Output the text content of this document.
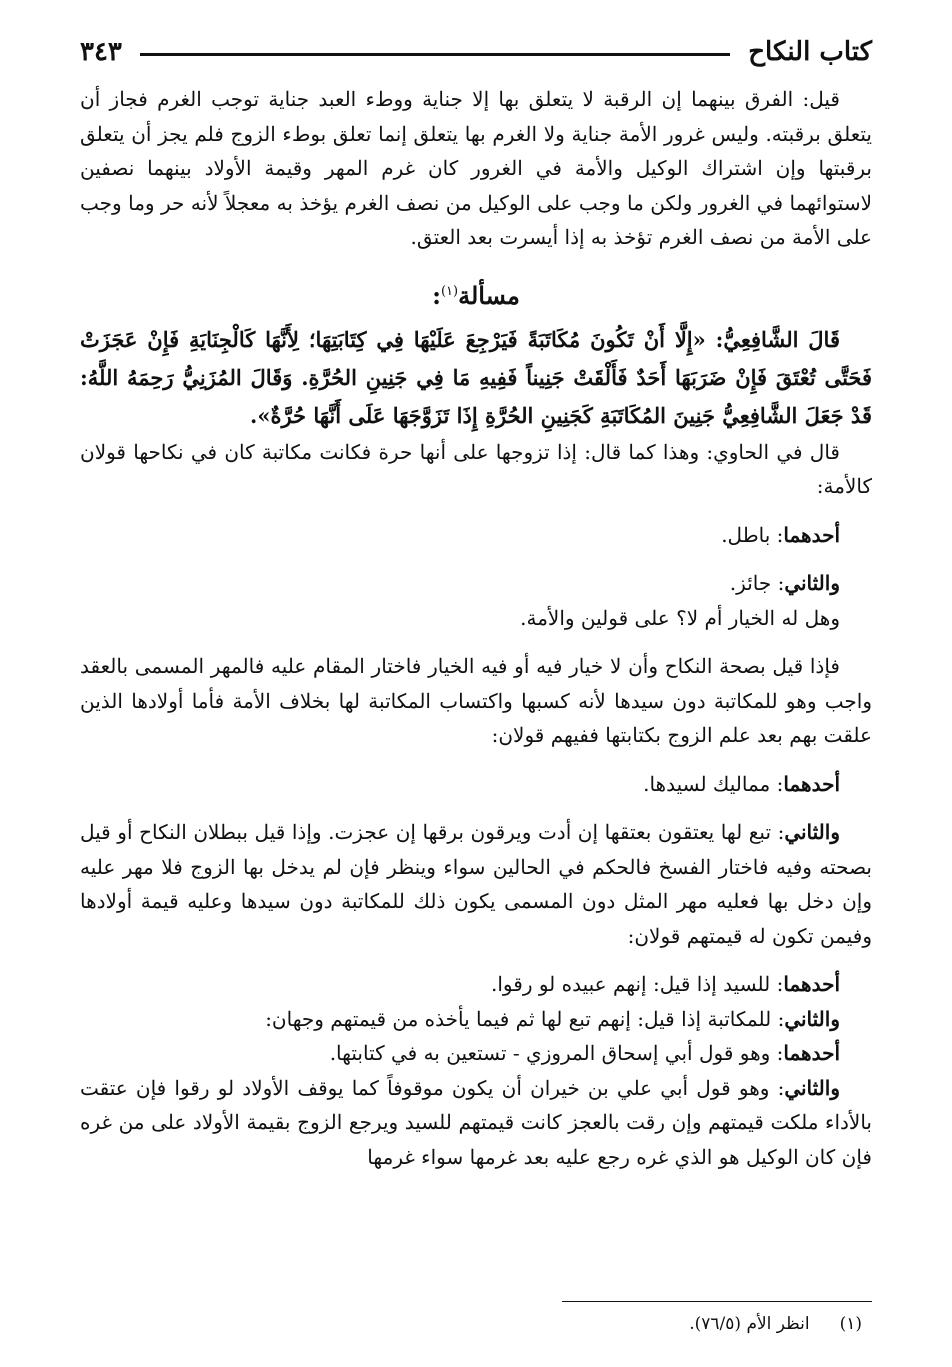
كتاب النكاح
٣٤٣

قيل: الفرق بينهما إن الرقبة لا يتعلق بها إلا جناية ووطء العبد جناية توجب الغرم فجاز أن يتعلق برقبته. وليس غرور الأمة جناية ولا الغرم بها يتعلق إنما تعلق بوطء الزوج فلم يجز أن يتعلق برقبتها وإن اشتراك الوكيل والأمة في الغرور كان غرم المهر وقيمة الأولاد بينهما نصفين لاستوائهما في الغرور ولكن ما وجب على الوكيل من نصف الغرم يؤخذ به معجلاً لأنه حر وما وجب على الأمة من نصف الغرم تؤخذ به إذا أيسرت بعد العتق.

مسألة$^{(١)}$:

قَالَ الشَّافِعِيُّ: «إِلَّا أَنْ تَكُونَ مُكَاتَبَةً فَيَرْجِعَ عَلَيْهَا فِي كِتَابَتِهَا؛ لِأَنَّهَا كَالْجِنَايَةِ فَإِنْ عَجَزَتْ فَحَتَّى تُعْتَقَ فَإِنْ ضَرَبَهَا أَحَدٌ فَأَلْقَتْ جَنِيناً فَفِيهِ مَا فِي جَنِينِ الحُرَّةِ. وَقَالَ المُزَنِيُّ رَحِمَهُ اللَّهُ: قَدْ جَعَلَ الشَّافِعِيُّ جَنِينَ المُكَاتَبَةِ كَجَنِينِ الحُرَّةِ إِذَا تَزَوَّجَهَا عَلَى أَنَّهَا حُرَّةٌ».

قال في الحاوي: وهذا كما قال: إذا تزوجها على أنها حرة فكانت مكاتبة كان في نكاحها قولان كالأمة:

أحدهما: باطل.

والثاني: جائز.

وهل له الخيار أم لا؟ على قولين والأمة.

فإذا قيل بصحة النكاح وأن لا خيار فيه أو فيه الخيار فاختار المقام عليه فالمهر المسمى بالعقد واجب وهو للمكاتبة دون سيدها لأنه كسبها واكتساب المكاتبة لها بخلاف الأمة فأما أولادها الذين علقت بهم بعد علم الزوج بكتابتها ففيهم قولان:

أحدهما: مماليك لسيدها.

والثاني: تبع لها يعتقون بعتقها إن أدت ويرقون برقها إن عجزت. وإذا قيل ببطلان النكاح أو قيل بصحته وفيه فاختار الفسخ فالحكم في الحالين سواء وينظر فإن لم يدخل بها الزوج فلا مهر عليه وإن دخل بها فعليه مهر المثل دون المسمى يكون ذلك للمكاتبة دون سيدها وعليه قيمة أولادها وفيمن تكون له قيمتهم قولان:

أحدهما: للسيد إذا قيل: إنهم عبيده لو رقوا.

والثاني: للمكاتبة إذا قيل: إنهم تبع لها ثم فيما يأخذه من قيمتهم وجهان:

أحدهما: وهو قول أبي إسحاق المروزي - تستعين به في كتابتها.

والثاني: وهو قول أبي علي بن خيران أن يكون موقوفاً كما يوقف الأولاد لو رقوا فإن عتقت بالأداء ملكت قيمتهم وإن رقت بالعجز كانت قيمتهم للسيد ويرجع الزوج بقيمة الأولاد على من غره فإن كان الوكيل هو الذي غره رجع عليه بعد غرمها سواء غرمها

(١)انظر الأم (٧٦/٥).
